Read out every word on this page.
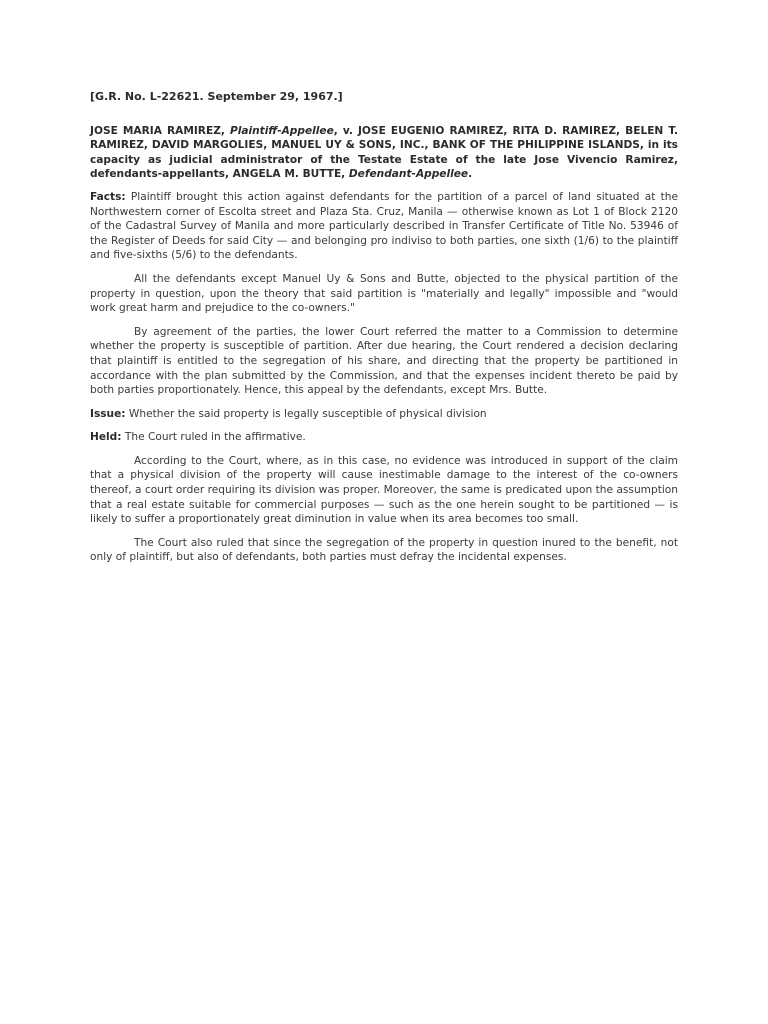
[G.R. No. L-22621. September 29, 1967.]
JOSE MARIA RAMIREZ, Plaintiff-Appellee, v. JOSE EUGENIO RAMIREZ, RITA D. RAMIREZ, BELEN T. RAMIREZ, DAVID MARGOLIES, MANUEL UY & SONS, INC., BANK OF THE PHILIPPINE ISLANDS, in its capacity as judicial administrator of the Testate Estate of the late Jose Vivencio Ramirez, defendants-appellants, ANGELA M. BUTTE, Defendant-Appellee.

Facts: Plaintiff brought this action against defendants for the partition of a parcel of land situated at the Northwestern corner of Escolta street and Plaza Sta. Cruz, Manila — otherwise known as Lot 1 of Block 2120 of the Cadastral Survey of Manila and more particularly described in Transfer Certificate of Title No. 53946 of the Register of Deeds for said City — and belonging pro indiviso to both parties, one sixth (1/6) to the plaintiff and five-sixths (5/6) to the defendants.

All the defendants except Manuel Uy & Sons and Butte, objected to the physical partition of the property in question, upon the theory that said partition is "materially and legally" impossible and "would work great harm and prejudice to the co-owners."

By agreement of the parties, the lower Court referred the matter to a Commission to determine whether the property is susceptible of partition. After due hearing, the Court rendered a decision declaring that plaintiff is entitled to the segregation of his share, and directing that the property be partitioned in accordance with the plan submitted by the Commission, and that the expenses incident thereto be paid by both parties proportionately. Hence, this appeal by the defendants, except Mrs. Butte.

Issue: Whether the said property is legally susceptible of physical division

Held: The Court ruled in the affirmative.

According to the Court, where, as in this case, no evidence was introduced in support of the claim that a physical division of the property will cause inestimable damage to the interest of the co-owners thereof, a court order requiring its division was proper. Moreover, the same is predicated upon the assumption that a real estate suitable for commercial purposes — such as the one herein sought to be partitioned — is likely to suffer a proportionately great diminution in value when its area becomes too small.

The Court also ruled that since the segregation of the property in question inured to the benefit, not only of plaintiff, but also of defendants, both parties must defray the incidental expenses.
